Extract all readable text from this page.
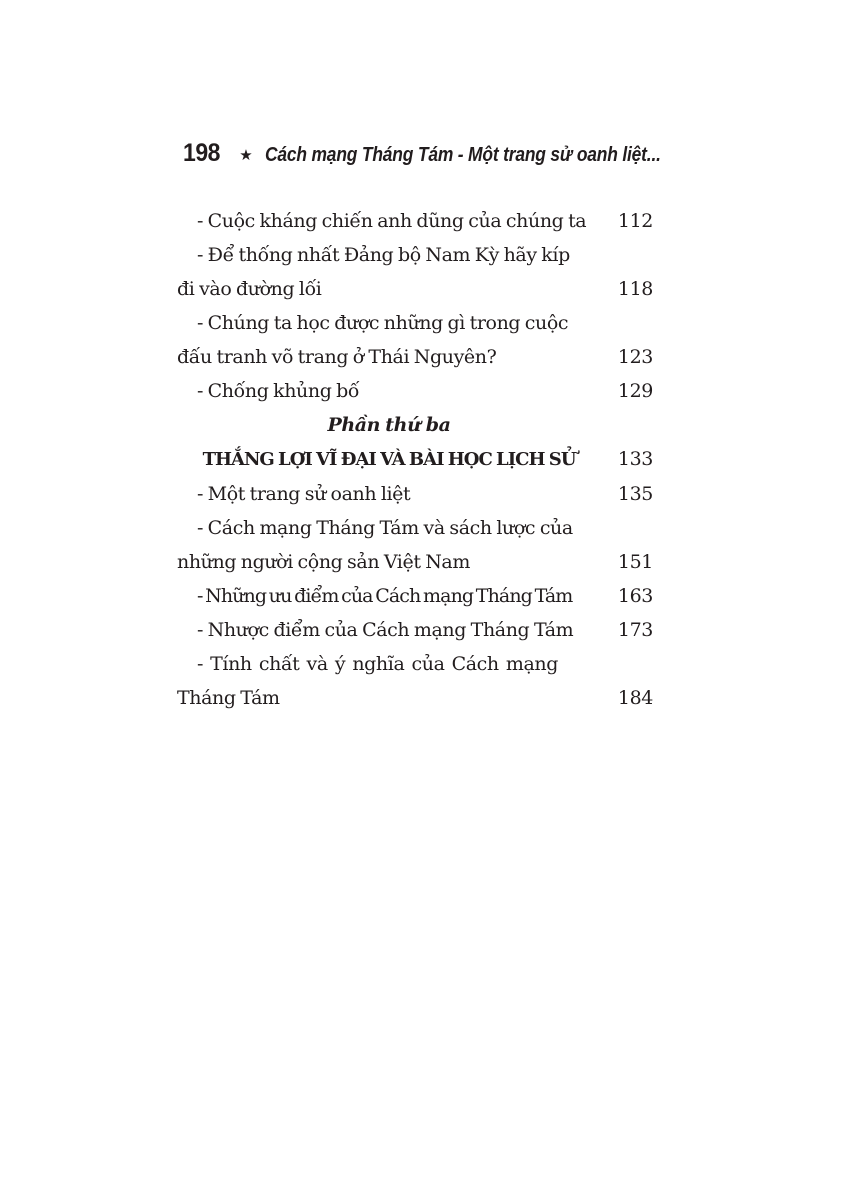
198 ★ Cách mạng Tháng Tám - Một trang sử oanh liệt...
- Cuộc kháng chiến anh dũng của chúng ta	112
- Để thống nhất Đảng bộ Nam Kỳ hãy kíp
đi vào đường lối	118
- Chúng ta học được những gì trong cuộc
đấu tranh võ trang ở Thái Nguyên?	123
- Chống khủng bố	129
Phần thứ ba
THẮNG LỢI VĨ ĐẠI VÀ BÀI HỌC LỊCH SỬ	133
- Một trang sử oanh liệt	135
- Cách mạng Tháng Tám và sách lược của
những người cộng sản Việt Nam	151
- Những ưu điểm của Cách mạng Tháng Tám	163
- Nhược điểm của Cách mạng Tháng Tám	173
- Tính chất và ý nghĩa của Cách mạng
Tháng Tám	184
